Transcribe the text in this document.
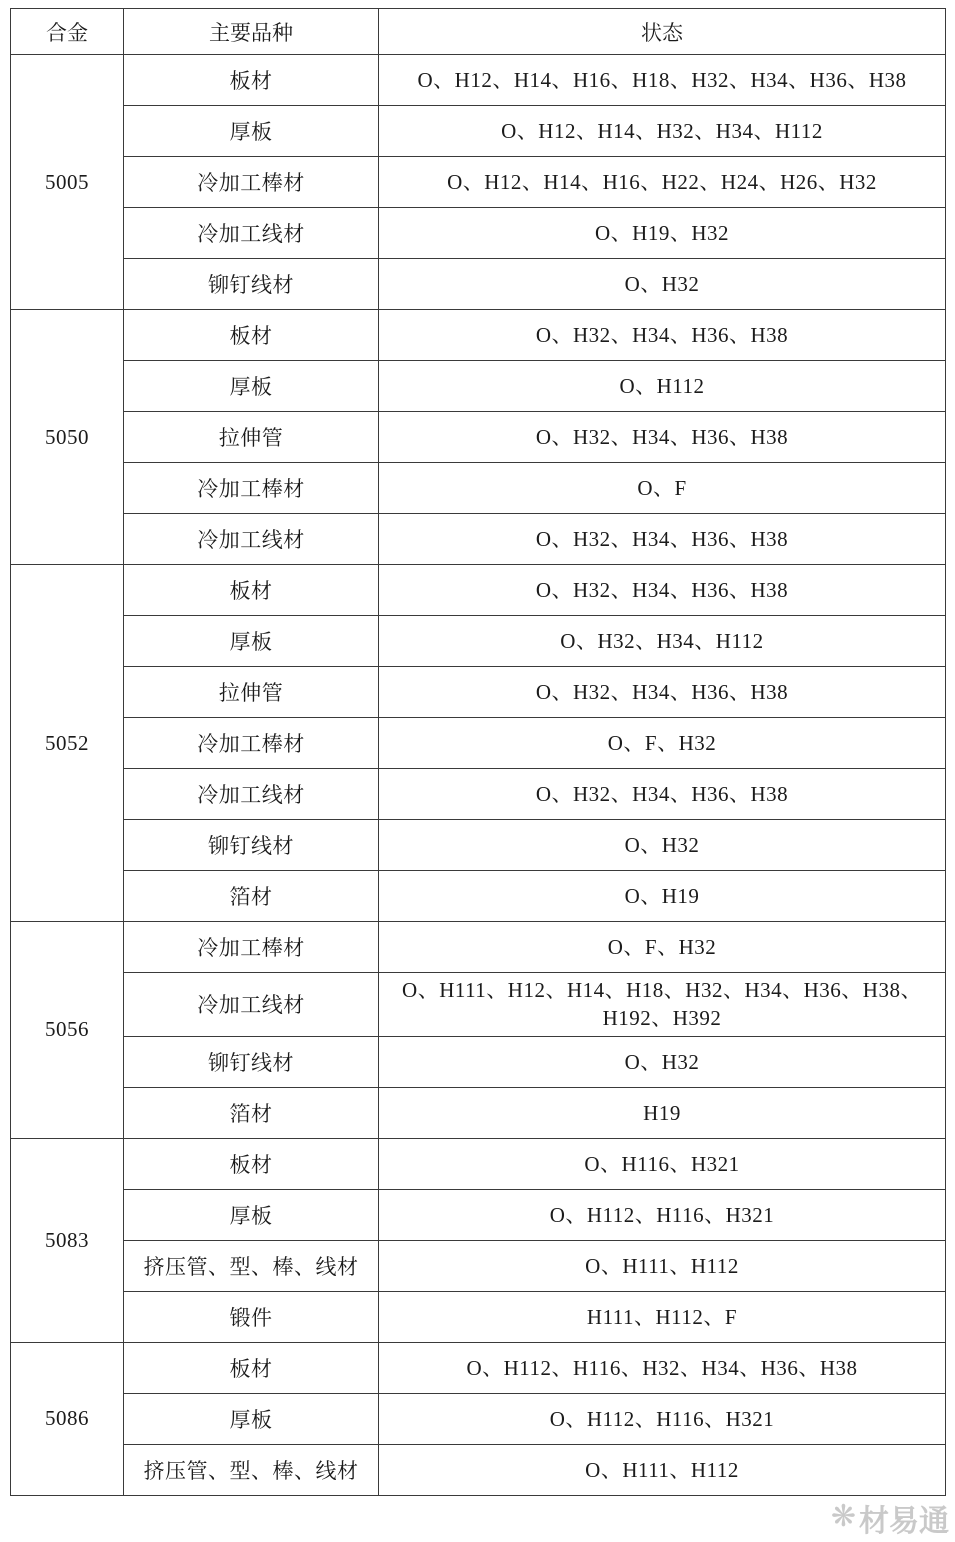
合金	主要品种	状态
5005	板材	O、H12、H14、H16、H18、H32、H34、H36、H38
	厚板	O、H12、H14、H32、H34、H112
	冷加工棒材	O、H12、H14、H16、H22、H24、H26、H32
	冷加工线材	O、H19、H32
	铆钉线材	O、H32
5050	板材	O、H32、H34、H36、H38
	厚板	O、H112
	拉伸管	O、H32、H34、H36、H38
	冷加工棒材	O、F
	冷加工线材	O、H32、H34、H36、H38
5052	板材	O、H32、H34、H36、H38
	厚板	O、H32、H34、H112
	拉伸管	O、H32、H34、H36、H38
	冷加工棒材	O、F、H32
	冷加工线材	O、H32、H34、H36、H38
	铆钉线材	O、H32
	箔材	O、H19
5056	冷加工棒材	O、F、H32
	冷加工线材	O、H111、H12、H14、H18、H32、H34、H36、H38、H192、H392
	铆钉线材	O、H32
	箔材	H19
5083	板材	O、H116、H321
	厚板	O、H112、H116、H321
	挤压管、型、棒、线材	O、H111、H112
	锻件	H111、H112、F
5086	板材	O、H112、H116、H32、H34、H36、H38
	厚板	O、H112、H116、H321
	挤压管、型、棒、线材	O、H111、H112
❋ 材易通
